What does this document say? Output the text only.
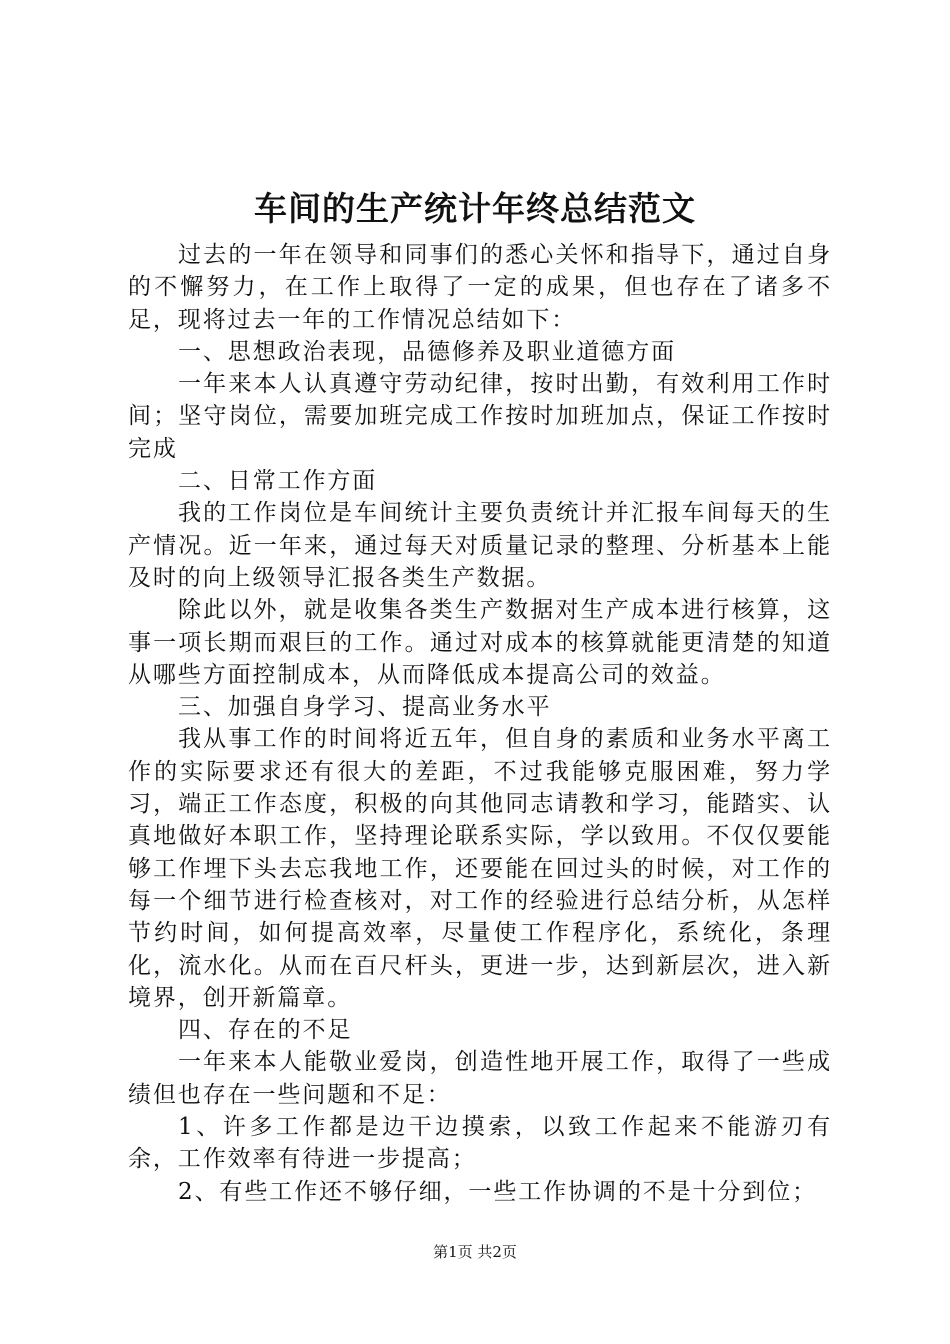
车间的生产统计年终总结范文

过去的一年在领导和同事们的悉心关怀和指导下，通过自身的不懈努力，在工作上取得了一定的成果，但也存在了诸多不足，现将过去一年的工作情况总结如下：

一、思想政治表现，品德修养及职业道德方面

一年来本人认真遵守劳动纪律，按时出勤，有效利用工作时间；坚守岗位，需要加班完成工作按时加班加点，保证工作按时完成

二、日常工作方面

我的工作岗位是车间统计主要负责统计并汇报车间每天的生产情况。近一年来，通过每天对质量记录的整理、分析基本上能及时的向上级领导汇报各类生产数据。

除此以外，就是收集各类生产数据对生产成本进行核算，这事一项长期而艰巨的工作。通过对成本的核算就能更清楚的知道从哪些方面控制成本，从而降低成本提高公司的效益。

三、加强自身学习、提高业务水平

我从事工作的时间将近五年，但自身的素质和业务水平离工作的实际要求还有很大的差距，不过我能够克服困难，努力学习，端正工作态度，积极的向其他同志请教和学习，能踏实、认真地做好本职工作，坚持理论联系实际，学以致用。不仅仅要能够工作埋下头去忘我地工作，还要能在回过头的时候，对工作的每一个细节进行检查核对，对工作的经验进行总结分析，从怎样节约时间，如何提高效率，尽量使工作程序化，系统化，条理化，流水化。从而在百尺杆头，更进一步，达到新层次，进入新境界，创开新篇章。

四、存在的不足

一年来本人能敬业爱岗，创造性地开展工作，取得了一些成绩但也存在一些问题和不足：

1、许多工作都是边干边摸索，以致工作起来不能游刃有余，工作效率有待进一步提高；

2、有些工作还不够仔细，一些工作协调的不是十分到位；

第1页 共2页
